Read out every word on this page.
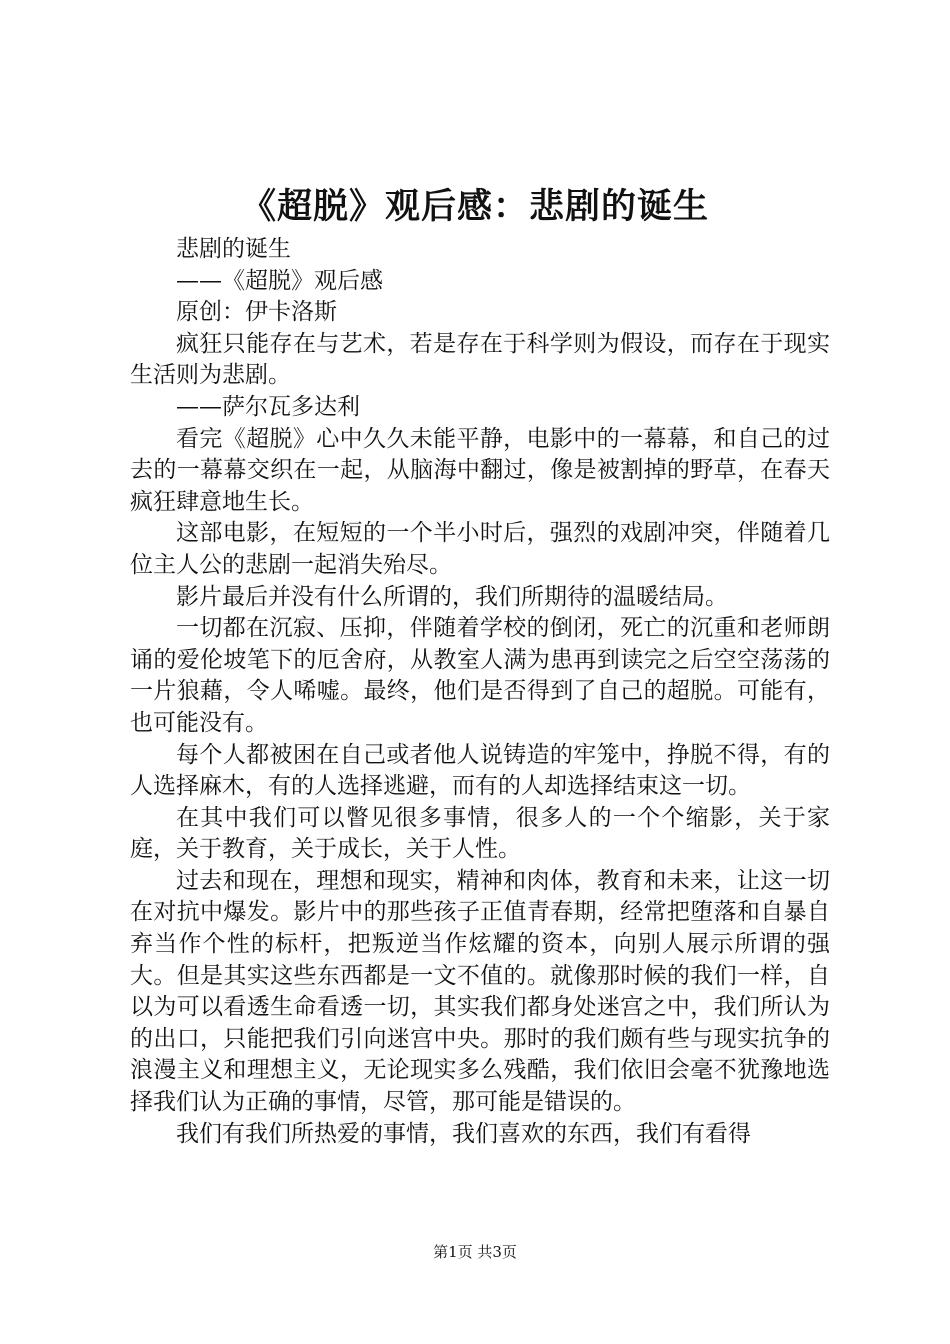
《超脱》观后感：悲剧的诞生

悲剧的诞生

——《超脱》观后感

原创：伊卡洛斯

疯狂只能存在与艺术，若是存在于科学则为假设，而存在于现实生活则为悲剧。

——萨尔瓦多达利

看完《超脱》心中久久未能平静，电影中的一幕幕，和自己的过去的一幕幕交织在一起，从脑海中翻过，像是被割掉的野草，在春天疯狂肆意地生长。

这部电影，在短短的一个半小时后，强烈的戏剧冲突，伴随着几位主人公的悲剧一起消失殆尽。

影片最后并没有什么所谓的，我们所期待的温暖结局。

一切都在沉寂、压抑，伴随着学校的倒闭，死亡的沉重和老师朗诵的爱伦坡笔下的厄舍府，从教室人满为患再到读完之后空空荡荡的一片狼藉，令人唏嘘。最终，他们是否得到了自己的超脱。可能有，也可能没有。

每个人都被困在自己或者他人说铸造的牢笼中，挣脱不得，有的人选择麻木，有的人选择逃避，而有的人却选择结束这一切。

在其中我们可以瞥见很多事情，很多人的一个个缩影，关于家庭，关于教育，关于成长，关于人性。

过去和现在，理想和现实，精神和肉体，教育和未来，让这一切在对抗中爆发。影片中的那些孩子正值青春期，经常把堕落和自暴自弃当作个性的标杆，把叛逆当作炫耀的资本，向别人展示所谓的强大。但是其实这些东西都是一文不值的。就像那时候的我们一样，自以为可以看透生命看透一切，其实我们都身处迷宫之中，我们所认为的出口，只能把我们引向迷宫中央。那时的我们颇有些与现实抗争的浪漫主义和理想主义，无论现实多么残酷，我们依旧会毫不犹豫地选择我们认为正确的事情，尽管，那可能是错误的。

我们有我们所热爱的事情，我们喜欢的东西，我们有看得

第1页 共3页
